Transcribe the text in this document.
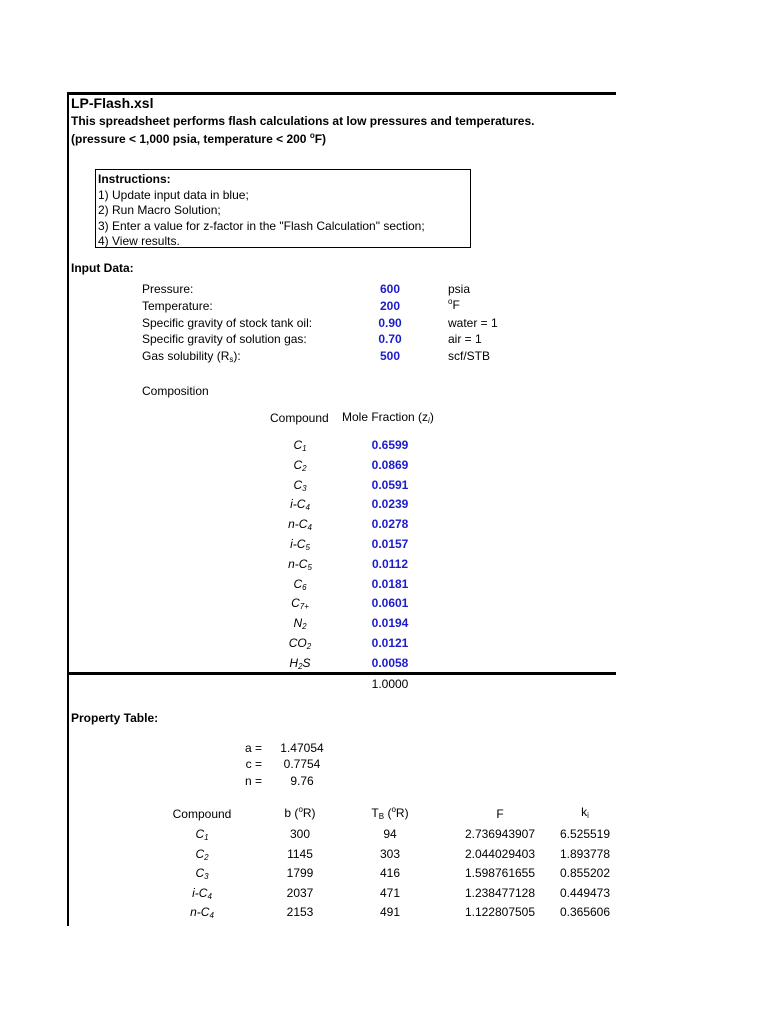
LP-Flash.xsl
This spreadsheet performs flash calculations at low pressures and temperatures.
(pressure < 1,000 psia, temperature < 200 $^o$F)
Instructions:
1) Update input data in blue;
2) Run Macro Solution;
3) Enter a value for z-factor in the "Flash Calculation" section;
4) View results.
Input Data:
Pressure:	600	psia
Temperature:	200	$^o$F
Specific gravity of stock tank oil:	0.90	water = 1
Specific gravity of solution gas:	0.70	air = 1
Gas solubility $(R_s)$:	500	scf/STB
Composition
Compound Mole Fraction $(z_i)$
$C_1$	0.6599
$C_2$	0.0869
$C_3$	0.0591
$i-C_4$	0.0239
$n-C_4$	0.0278
$i-C_5$	0.0157
$n-C_5$	0.0112
$C_6$	0.0181
$C_{7+}$	0.0601
$N_2$	0.0194
$CO_2$	0.0121
$H_2S$	0.0058
1.0000
Property Table:
a =	1.47054
c =	0.7754
n =	9.76
Compound	b ($^o$R)	$T_B$ ($^o$R)	F	$k_i$
$C_1$	300	94	2.736943907	6.525519
$C_2$	1145	303	2.044029403	1.893778
$C_3$	1799	416	1.598761655	0.855202
$i-C_4$	2037	471	1.238477128	0.449473
$n-C_4$	2153	491	1.122807505	0.365606
